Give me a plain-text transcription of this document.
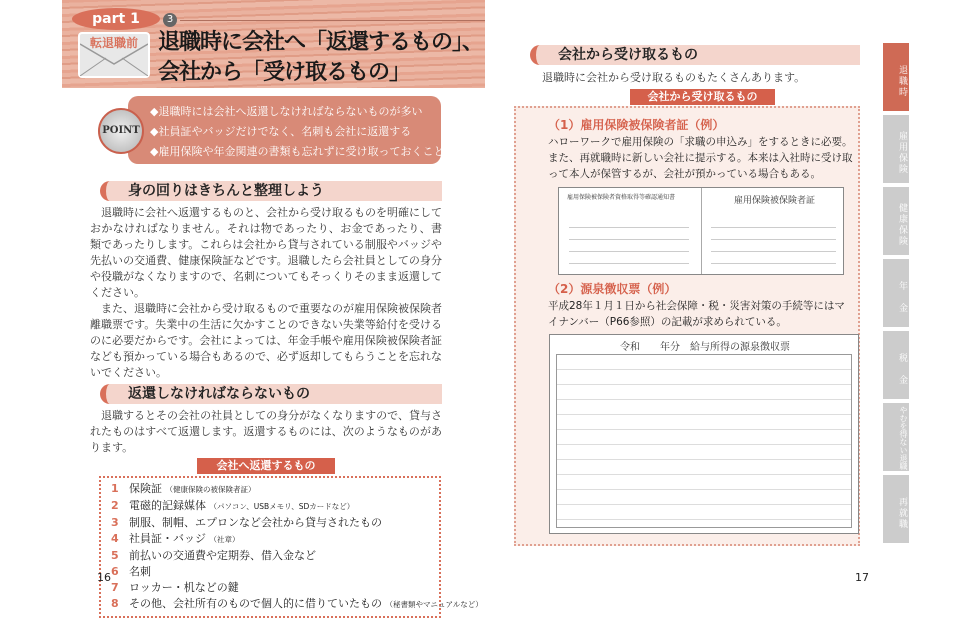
part 1	3
転退職前 退職時に会社へ「返還するもの」、
会社から「受け取るもの」
POINT
◆退職時には会社へ返還しなければならないものが多い
◆社員証やバッジだけでなく、名刺も会社に返還する
◆雇用保険や年金関連の書類も忘れずに受け取っておくこと
身の回りはきちんと整理しよう
退職時に会社へ返還するものと、会社から受け取るものを明確にしておかなければなりません。それは物であったり、お金であったり、書類であったりします。これらは会社から貸与されている制服やバッジや先払いの交通費、健康保険証などです。退職したら会社員としての身分や役職がなくなりますので、名刺についてもそっくりそのまま返還してください。
また、退職時に会社から受け取るもので重要なのが雇用保険被保険者離職票です。失業中の生活に欠かすことのできない失業等給付を受けるのに必要だからです。会社によっては、年金手帳や雇用保険被保険者証なども預かっている場合もあるので、必ず返却してもらうことを忘れないでください。
返還しなければならないもの
退職するとその会社の社員としての身分がなくなりますので、貸与されたものはすべて返還します。返還するものには、次のようなものがあります。
会社へ返還するもの
1 保険証 （健康保険の被保険者証）
2 電磁的記録媒体 （パソコン、USBメモリ、SDカードなど）
3 制服、制帽、エプロンなど会社から貸与されたもの
4 社員証・バッジ （社章）
5 前払いの交通費や定期券、借入金など
6 名刺
7 ロッカー・机などの鍵
8 その他、会社所有のもので個人的に借りていたもの （秘書類やマニュアルなど）
16
会社から受け取るもの
退職時に会社から受け取るものもたくさんあります。
（1）雇用保険被保険者証（例）
ハローワークで雇用保険の「求職の申込み」をするときに必要。また、再就職時に新しい会社に提示する。本来は入社時に受け取って本人が保管するが、会社が預かっている場合もある。
雇用保険被保険者資格取得等確認通知書	雇用保険被保険者証
（2）源泉徴収票（例）
平成28年１月１日から社会保障・税・災害対策の手続等にはマイナンバー（P66参照）の記載が求められている。
令和　　年分　給与所得の源泉徴収票
会社から受け取るもの	退職時
雇用保険
健康保険
年　金
税　金
やむを得ない退職
再就職
17
